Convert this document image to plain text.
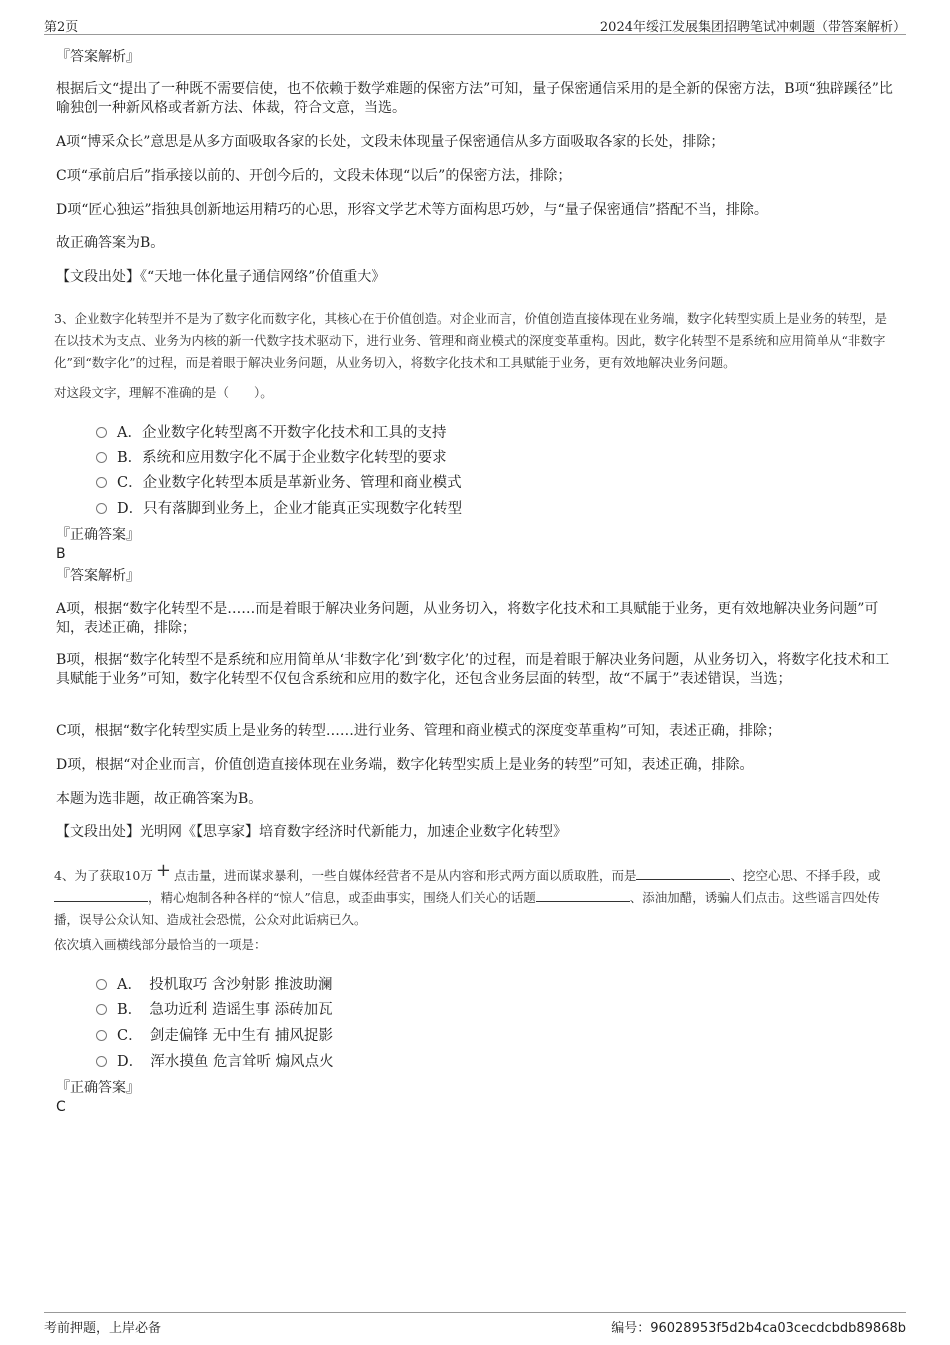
第2页	2024年绥江发展集团招聘笔试冲刺题（带答案解析）

『答案解析』

根据后文“提出了一种既不需要信使，也不依赖于数学难题的保密方法”可知，量子保密通信采用的是全新的保密方法，B项“独辟蹊径”比喻独创一种新风格或者新方法、体裁，符合文意，当选。

A项“博采众长”意思是从多方面吸取各家的长处，文段未体现量子保密通信从多方面吸取各家的长处，排除；

C项“承前启后”指承接以前的、开创今后的，文段未体现“以后”的保密方法，排除；

D项“匠心独运”指独具创新地运用精巧的心思，形容文学艺术等方面构思巧妙，与“量子保密通信”搭配不当，排除。

故正确答案为B。

【文段出处】《“天地一体化量子通信网络”价值重大》

3、企业数字化转型并不是为了数字化而数字化，其核心在于价值创造。对企业而言，价值创造直接体现在业务端，数字化转型实质上是业务的转型，是在以技术为支点、业务为内核的新一代数字技术驱动下，进行业务、管理和商业模式的深度变革重构。因此，数字化转型不是系统和应用简单从“非数字化”到“数字化”的过程，而是着眼于解决业务问题，从业务切入，将数字化技术和工具赋能于业务，更有效地解决业务问题。

对这段文字，理解不准确的是（　　）。

A．企业数字化转型离不开数字化技术和工具的支持
B．系统和应用数字化不属于企业数字化转型的要求
C．企业数字化转型本质是革新业务、管理和商业模式
D．只有落脚到业务上，企业才能真正实现数字化转型

『正确答案』

B

『答案解析』

A项，根据“数字化转型不是……而是着眼于解决业务问题，从业务切入，将数字化技术和工具赋能于业务，更有效地解决业务问题”可知，表述正确，排除；

B项，根据“数字化转型不是系统和应用简单从‘非数字化’到‘数字化’的过程，而是着眼于解决业务问题，从业务切入，将数字化技术和工具赋能于业务”可知，数字化转型不仅包含系统和应用的数字化，还包含业务层面的转型，故“不属于”表述错误，当选；

C项，根据“数字化转型实质上是业务的转型……进行业务、管理和商业模式的深度变革重构”可知，表述正确，排除；

D项，根据“对企业而言，价值创造直接体现在业务端，数字化转型实质上是业务的转型”可知，表述正确，排除。

本题为选非题，故正确答案为B。

【文段出处】光明网《【思享家】培育数字经济时代新能力，加速企业数字化转型》

4、为了获取10万 + 点击量，进而谋求暴利，一些自媒体经营者不是从内容和形式两方面以质取胜，而是	、挖空心思、不择手段，或，精心炮制各种各样的“惊人”信息，或歪曲事实，围绕人们关心的话题	、添油加醋，诱骗人们点击。这些谣言四处传播，误导公众认知、造成社会恐慌，公众对此诟病已久。

依次填入画横线部分最恰当的一项是：

A．　投机取巧 含沙射影 推波助澜
B．　急功近利 造谣生事 添砖加瓦
C．　剑走偏锋 无中生有 捕风捉影
D．　浑水摸鱼 危言耸听 煽风点火

『正确答案』

C

考前押题，上岸必备	编号：96028953f5d2b4ca03cecdcbdb89868b
